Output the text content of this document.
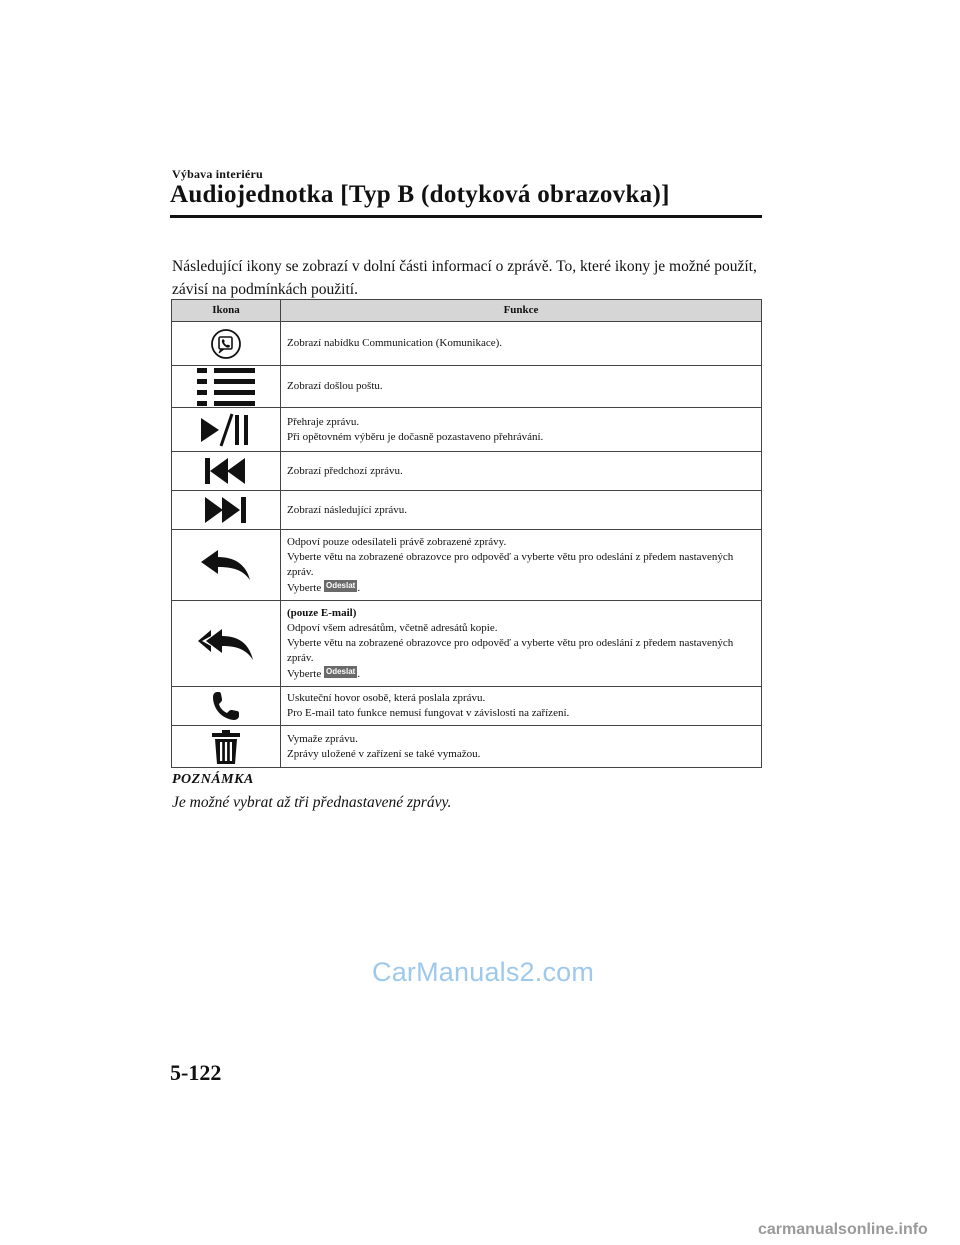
Výbava interiéru
Audiojednotka [Typ B (dotyková obrazovka)]

Následující ikony se zobrazí v dolní části informací o zprávě. To, které ikony je možné použít, závisí na podmínkách použití.

Ikona	Funkce

Zobrazí nabídku Communication (Komunikace).

Zobrazí došlou poštu.

Přehraje zprávu.
Při opětovném výběru je dočasně pozastaveno přehrávání.

Zobrazí předchozí zprávu.

Zobrazí následující zprávu.

Odpoví pouze odesílateli právě zobrazené zprávy.
Vyberte větu na zobrazené obrazovce pro odpověď a vyberte větu pro odeslání z předem nastavených zpráv.
Vyberte Odeslat .

(pouze E-mail)
Odpoví všem adresátům, včetně adresátů kopie.
Vyberte větu na zobrazené obrazovce pro odpověď a vyberte větu pro odeslání z předem nastavených zpráv.
Vyberte Odeslat .

Uskuteční hovor osobě, která poslala zprávu.
Pro E-mail tato funkce nemusí fungovat v závislosti na zařízení.

Vymaže zprávu.
Zprávy uložené v zařízení se také vymažou.
POZNÁMKA
Je možné vybrat až tři přednastavené zprávy.
CarManuals2.com
5-122
carmanualsonline.info
